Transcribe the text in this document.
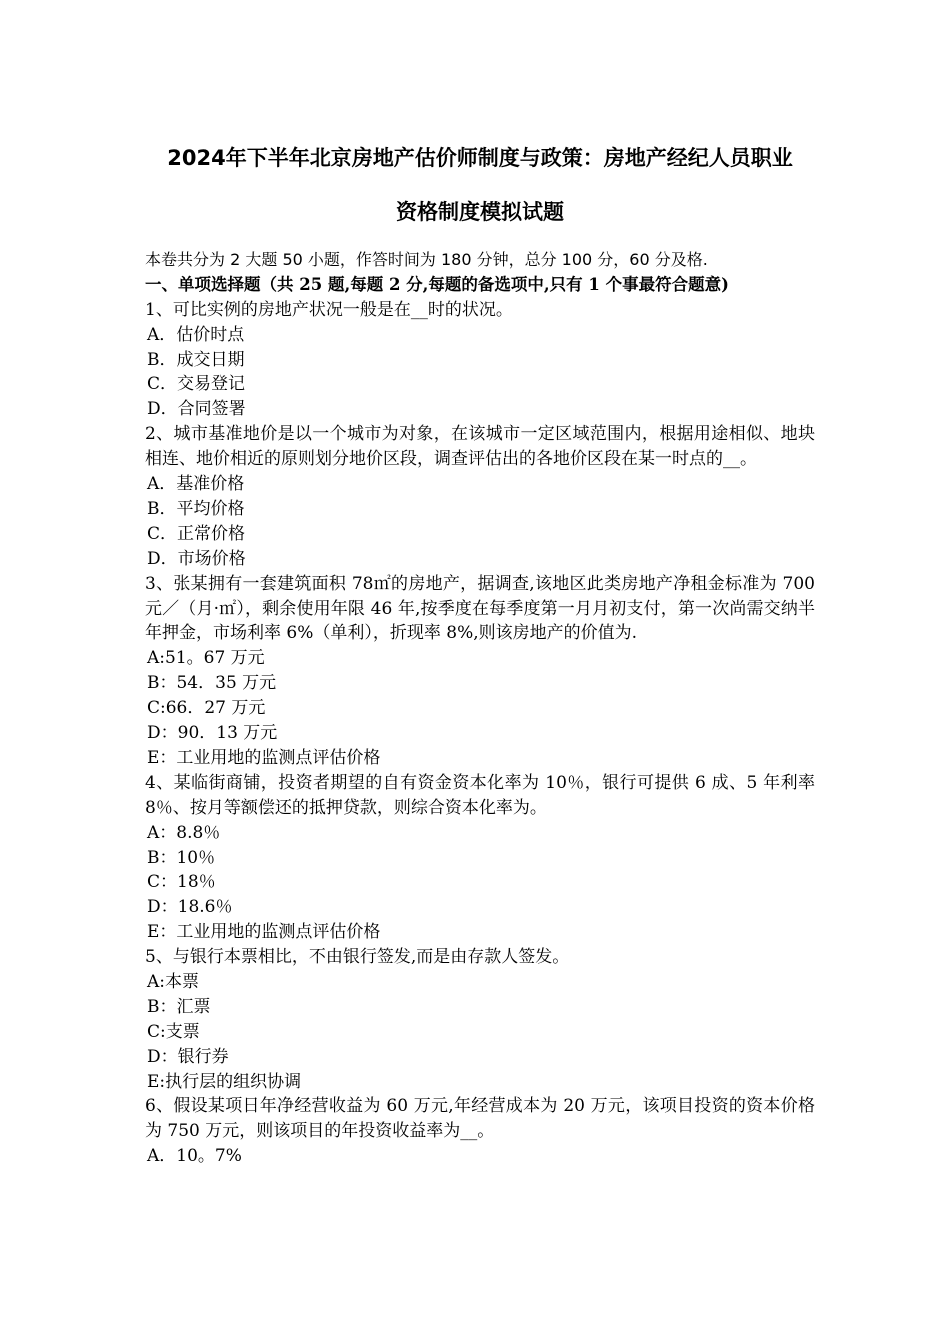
2024年下半年北京房地产估价师制度与政策：房地产经纪人员职业
资格制度模拟试题
本卷共分为 2 大题 50 小题，作答时间为 180 分钟，总分 100 分，60 分及格.
一、单项选择题（共 25 题,每题 2 分,每题的备选项中,只有 1 个事最符合题意)
1、可比实例的房地产状况一般是在__时的状况。
A．估价时点
B．成交日期
C．交易登记
D．合同签署
2、城市基准地价是以一个城市为对象，在该城市一定区域范围内，根据用途相似、地块相连、地价相近的原则划分地价区段，调查评估出的各地价区段在某一时点的__。
A．基准价格
B．平均价格
C．正常价格
D．市场价格
3、张某拥有一套建筑面积 78㎡的房地产，据调查,该地区此类房地产净租金标准为 700 元／（月·㎡），剩余使用年限 46 年,按季度在每季度第一月月初支付，第一次尚需交纳半年押金，市场利率 6%（单利），折现率 8%,则该房地产的价值为.
A:51。67 万元
B：54．35 万元
C:66．27 万元
D：90．13 万元
E：工业用地的监测点评估价格
4、某临街商铺，投资者期望的自有资金资本化率为 10％，银行可提供 6 成、5 年利率 8％、按月等额偿还的抵押贷款，则综合资本化率为。
A：8.8％
B：10％
C：18％
D：18.6％
E：工业用地的监测点评估价格
5、与银行本票相比，不由银行签发,而是由存款人签发。
A:本票
B：汇票
C:支票
D：银行券
E:执行层的组织协调
6、假设某项日年净经营收益为 60 万元,年经营成本为 20 万元，该项目投资的资本价格为 750 万元，则该项目的年投资收益率为__。
A．10。7%
